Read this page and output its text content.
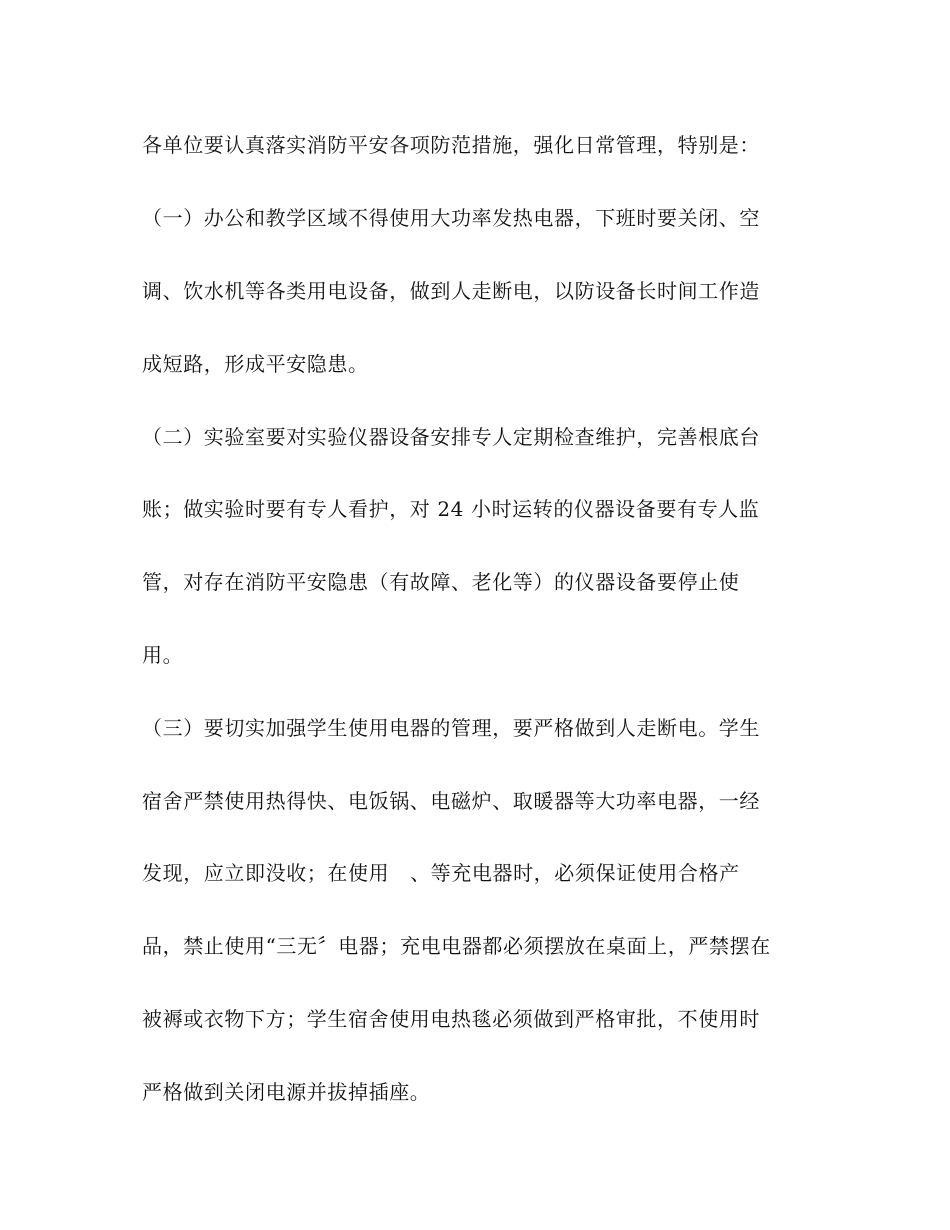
各单位要认真落实消防平安各项防范措施，强化日常管理，特别是：
（一）办公和教学区域不得使用大功率发热电器，下班时要关闭、空
调、饮水机等各类用电设备，做到人走断电，以防设备长时间工作造
成短路，形成平安隐患。
（二）实验室要对实验仪器设备安排专人定期检查维护，完善根底台
账；做实验时要有专人看护，对 24 小时运转的仪器设备要有专人监
管，对存在消防平安隐患（有故障、老化等）的仪器设备要停止使
用。
（三）要切实加强学生使用电器的管理，要严格做到人走断电。学生
宿舍严禁使用热得快、电饭锅、电磁炉、取暖器等大功率电器，一经
发现，应立即没收；在使用   、等充电器时，必须保证使用合格产
品，禁止使用“三无〞电器；充电电器都必须摆放在桌面上，严禁摆在
被褥或衣物下方；学生宿舍使用电热毯必须做到严格审批，不使用时
严格做到关闭电源并拔掉插座。
